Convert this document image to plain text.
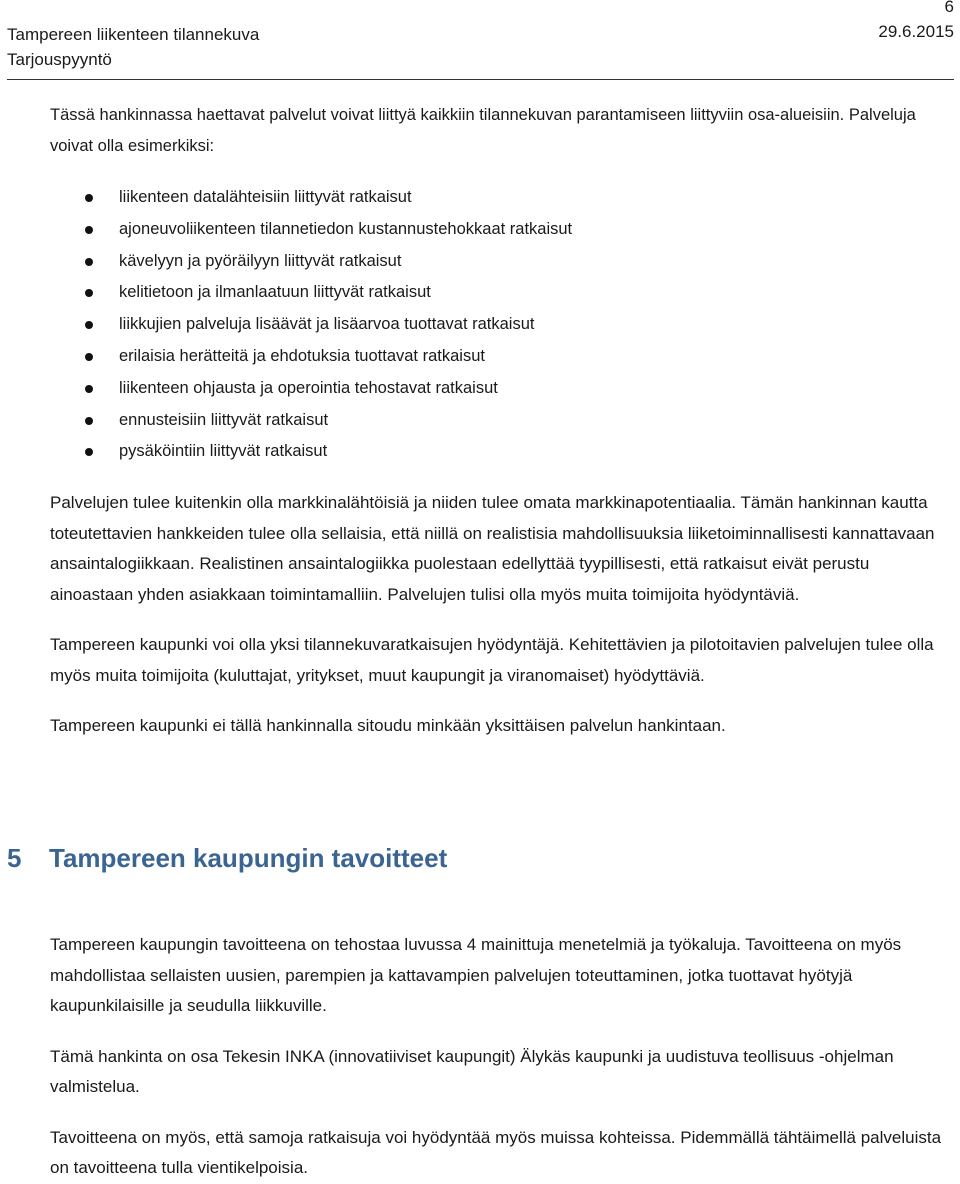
6
Tampereen liikenteen tilannekuva
Tarjouspyyntö
29.6.2015

Tässä hankinnassa haettavat palvelut voivat liittyä kaikkiin tilannekuvan parantamiseen liittyviin osa-alueisiin. Palveluja voivat olla esimerkiksi:

liikenteen datalähteisiin liittyvät ratkaisut
ajoneuvoliikenteen tilannetiedon kustannustehokkaat ratkaisut
kävelyyn ja pyöräilyyn liittyvät ratkaisut
kelitietoon ja ilmanlaatuun liittyvät ratkaisut
liikkujien palveluja lisäävät ja lisäarvoa tuottavat ratkaisut
erilaisia herätteitä ja ehdotuksia tuottavat ratkaisut
liikenteen ohjausta ja operointia tehostavat ratkaisut
ennusteisiin liittyvät ratkaisut
pysäköintiin liittyvät ratkaisut

Palvelujen tulee kuitenkin olla markkinalähtöisiä ja niiden tulee omata markkinapotentiaalia. Tämän hankinnan kautta toteutettavien hankkeiden tulee olla sellaisia, että niillä on realistisia mahdollisuuksia liiketoiminnallisesti kannattavaan ansaintalogiikkaan. Realistinen ansaintalogiikka puolestaan edellyttää tyypillisesti, että ratkaisut eivät perustu ainoastaan yhden asiakkaan toimintamalliin. Palvelujen tulisi olla myös muita toimijoita hyödyntäviä.

Tampereen kaupunki voi olla yksi tilannekuvaratkaisujen hyödyntäjä. Kehitettävien ja pilotoitavien palvelujen tulee olla myös muita toimijoita (kuluttajat, yritykset, muut kaupungit ja viranomaiset) hyödyttäviä.

Tampereen kaupunki ei tällä hankinnalla sitoudu minkään yksittäisen palvelun hankintaan.

5 Tampereen kaupungin tavoitteet

Tampereen kaupungin tavoitteena on tehostaa luvussa 4 mainittuja menetelmiä ja työkaluja. Tavoitteena on myös mahdollistaa sellaisten uusien, parempien ja kattavampien palvelujen toteuttaminen, jotka tuottavat hyötyjä kaupunkilaisille ja seudulla liikkuville.

Tämä hankinta on osa Tekesin INKA (innovatiiviset kaupungit) Älykäs kaupunki ja uudistuva teollisuus -ohjelman valmistelua.

Tavoitteena on myös, että samoja ratkaisuja voi hyödyntää myös muissa kohteissa. Pidemmällä tähtäimellä palveluista on tavoitteena tulla vientikelpoisia.
